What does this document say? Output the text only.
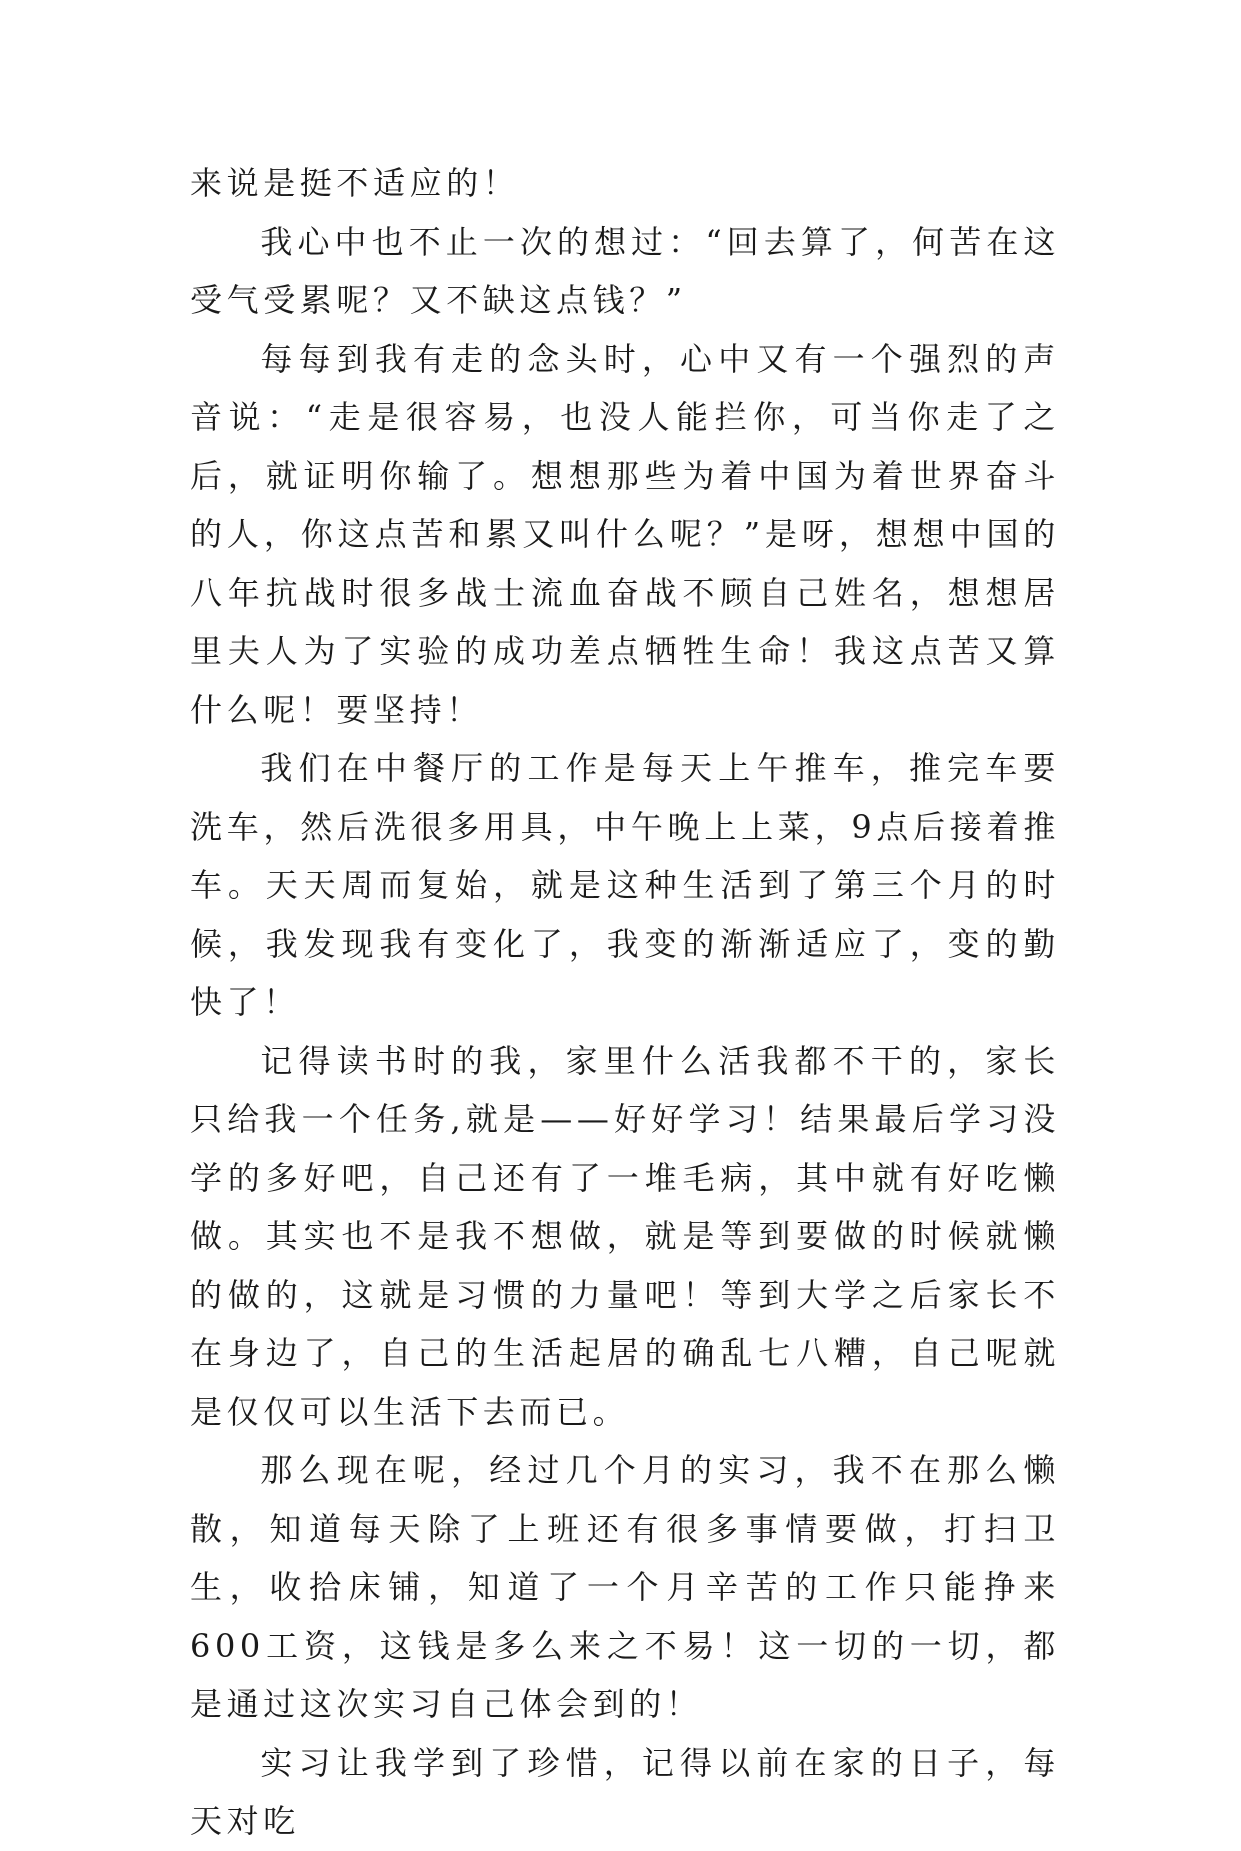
来说是挺不适应的！

我心中也不止一次的想过：“回去算了，何苦在这受气受累呢？又不缺这点钱？”

每每到我有走的念头时，心中又有一个强烈的声音说：“走是很容易，也没人能拦你，可当你走了之后，就证明你输了。想想那些为着中国为着世界奋斗的人，你这点苦和累又叫什么呢？”是呀，想想中国的八年抗战时很多战士流血奋战不顾自己姓名，想想居里夫人为了实验的成功差点牺牲生命！我这点苦又算什么呢！要坚持！

我们在中餐厅的工作是每天上午推车，推完车要洗车，然后洗很多用具，中午晚上上菜，9点后接着推车。天天周而复始，就是这种生活到了第三个月的时候，我发现我有变化了，我变的渐渐适应了，变的勤快了！

记得读书时的我，家里什么活我都不干的，家长只给我一个任务,就是——好好学习！结果最后学习没学的多好吧，自己还有了一堆毛病，其中就有好吃懒做。其实也不是我不想做，就是等到要做的时候就懒的做的，这就是习惯的力量吧！等到大学之后家长不在身边了，自己的生活起居的确乱七八糟，自己呢就是仅仅可以生活下去而已。

那么现在呢，经过几个月的实习，我不在那么懒散，知道每天除了上班还有很多事情要做，打扫卫生，收拾床铺，知道了一个月辛苦的工作只能挣来600工资，这钱是多么来之不易！这一切的一切，都是通过这次实习自己体会到的！

实习让我学到了珍惜，记得以前在家的日子，每天对吃
